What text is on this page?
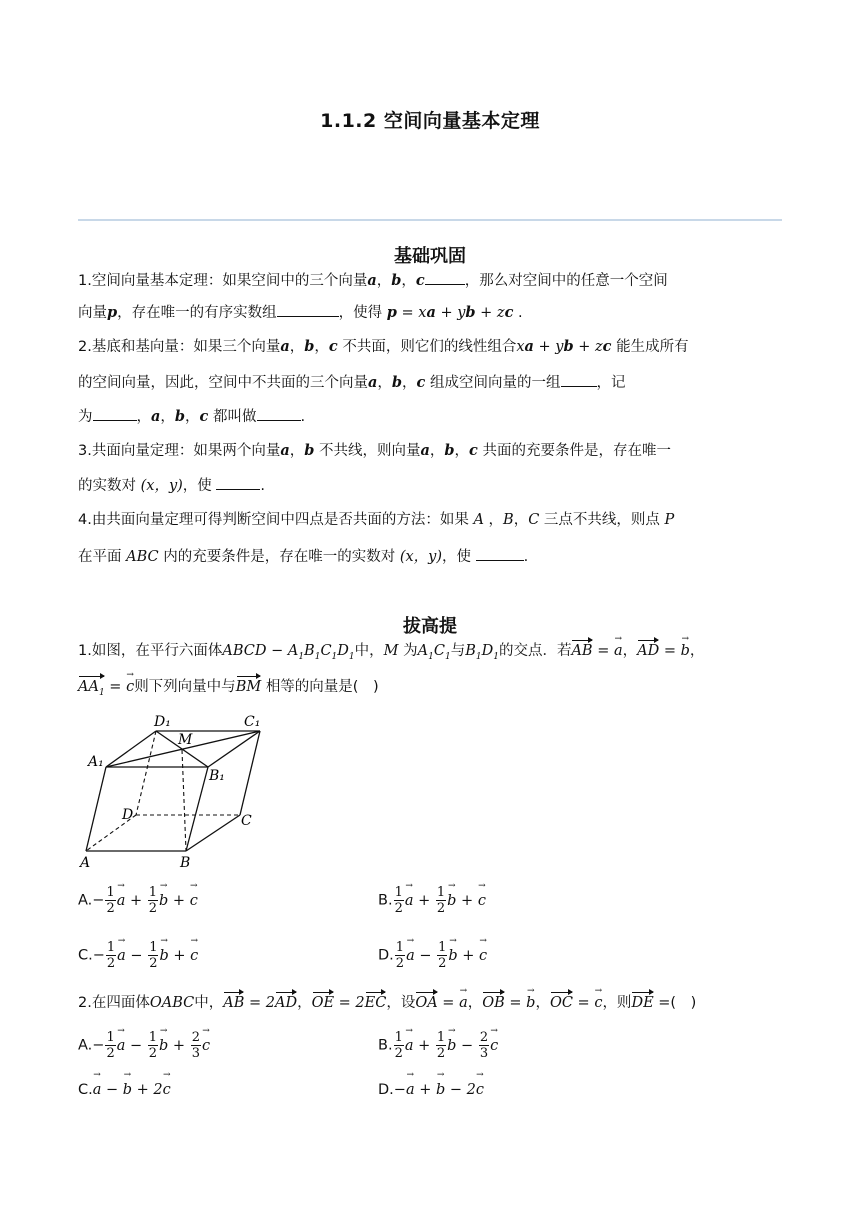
1.1.2 空间向量基本定理
基础巩固
1.空间向量基本定理：如果空间中的三个向量a，b，c	，那么对空间中的任意一个空间
向量p，存在唯一的有序实数组	，使得 p = xa + yb + zc .
2.基底和基向量：如果三个向量a，b，c 不共面，则它们的线性组合xa + yb + zc 能生成所有
的空间向量，因此，空间中不共面的三个向量a，b，c 组成空间向量的一组 ，记
为	，a，b，c 都叫做	.
3.共面向量定理：如果两个向量a，b 不共线，则向量a，b，c 共面的充要条件是，存在唯一
的实数对 (x，y)，使	.
4.由共面向量定理可得判断空间中四点是否共面的方法：如果 A ，B，C 三点不共线，则点 P
在平面 ABC 内的充要条件是，存在唯一的实数对 (x，y)，使	.
拔高提
1.如图，在平行六面体ABCD − $A_1B_1C_1D_1$中，M 为$A_1C_1$与$B_1D_1$的交点．若AB = → a，AD = → b，
$AA_1$ = → c则下列向量中与BM 相等的向量是(　)
D₁	C₁
M
A₁
B₁
D	C
A	B
$A.- \frac{1}{2}$
→ $a + \frac{1}{2}$
→ b + → c	B. $\frac{1}{2}$
→ $a + \frac{1}{2}$
→ b + → c
$C.- \frac{1}{2}$
→ $a - \frac{1}{2}$
→ b + → c	D. $\frac{1}{2}$
→ $a - \frac{1}{2}$
→ b + → c
2.在四面体OABC中，AB = 2AD，OE = 2EC，设OA = → a，OB = → b，OC = → c，则DE =(　)
$A.- \frac{1}{2}$
→ $a - \frac{1}{2}$
→ $b + \frac{2}{3}$
→ c	B. $\frac{1}{2}$
→ $a + \frac{1}{2}$
→ $b - \frac{2}{3}$
→ c
C.→ a − → b + 2→ c	D.−→ a + → b − 2→ c
